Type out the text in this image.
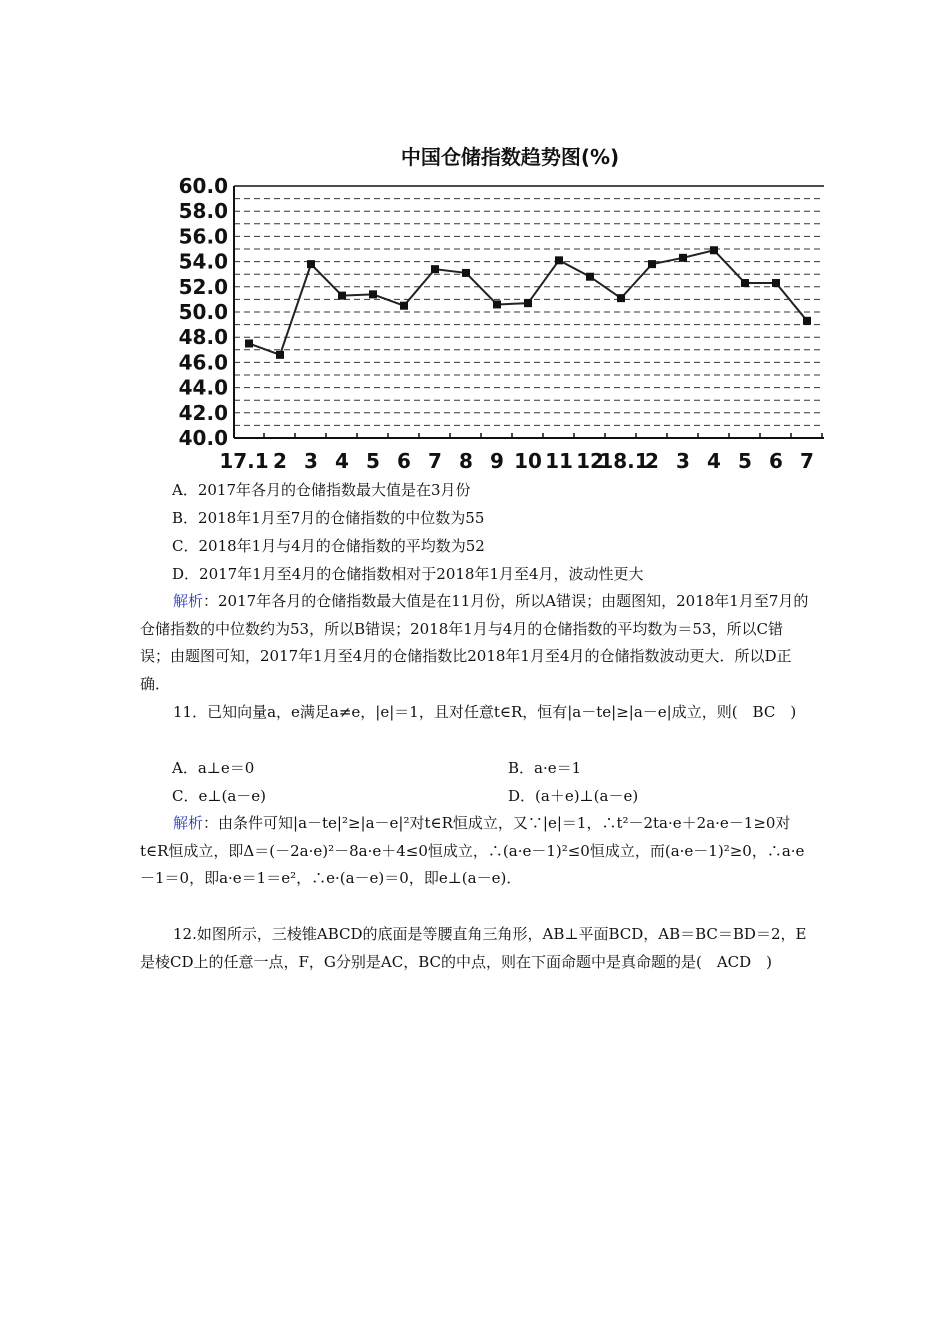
中国仓储指数趋势图(%)
60.0
58.0
56.0
54.0
52.0
50.0
48.0
46.0
44.0
42.0
40.0
17.1 2 3 4 5 6 7 8 9 10 11 12
18.1
2 3 4 5 6 7
A．2017年各月的仓储指数最大值是在3月份
B．2018年1月至7月的仓储指数的中位数为55
C．2018年1月与4月的仓储指数的平均数为52
D．2017年1月至4月的仓储指数相对于2018年1月至4月，波动性更大
解析：2017年各月的仓储指数最大值是在11月份，所以A错误；由题图知，2018年1月至7月的仓储指数的中位数约为53，所以B错误；2018年1月与4月的仓储指数的平均数为＝53，所以C错误；由题图可知，2017年1月至4月的仓储指数比2018年1月至4月的仓储指数波动更大．所以D正确．
11．已知向量a，e满足a≠e，|e|＝1，且对任意t∈R，恒有|a－te|≥|a－e|成立，则(　BC　)
A．a⊥e＝0	B．a·e＝1
C．e⊥(a－e)	D．(a＋e)⊥(a－e)
解析：由条件可知|a－te|²≥|a－e|²对t∈R恒成立，又∵|e|＝1，∴t²－2ta·e＋2a·e－1≥0对t∈R恒成立，即Δ＝(－2a·e)²－8a·e＋4≤0恒成立，∴(a·e－1)²≤0恒成立，而(a·e－1)²≥0，∴a·e－1＝0，即a·e＝1＝e²，∴e·(a－e)＝0，即e⊥(a－e)．
12.如图所示，三棱锥ABCD的底面是等腰直角三角形，AB⊥平面BCD，AB＝BC＝BD＝2，E是棱CD上的任意一点，F，G分别是AC，BC的中点，则在下面命题中是真命题的是(　ACD　)
